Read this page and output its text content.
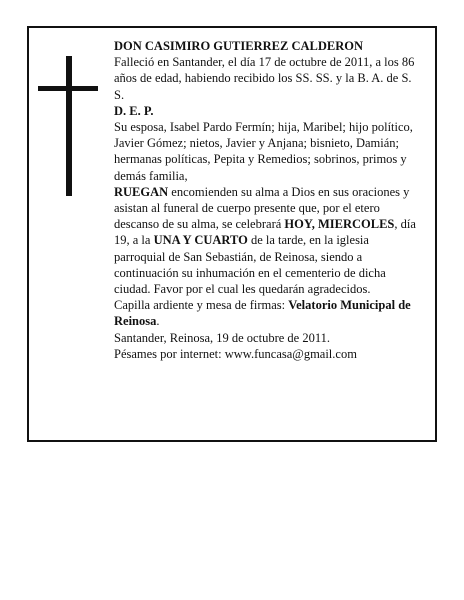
DON CASIMIRO GUTIERREZ CALDERON

Falleció en Santander, el día 17 de octubre de 2011, a los 86 años de edad, habiendo recibido los SS. SS. y la B. A. de S. S.

D. E. P.

Su esposa, Isabel Pardo Fermín; hija, Maribel; hijo político, Javier Gómez; nietos, Javier y Anjana; bisnieto, Damián; hermanas políticas, Pepita y Remedios; sobrinos, primos y demás familia,

RUEGAN encomienden su alma a Dios en sus oraciones y asistan al funeral de cuerpo presente que, por el etero descanso de su alma, se celebrará HOY, MIERCOLES, día 19, a la UNA Y CUARTO de la tarde, en la iglesia parroquial de San Sebastián, de Reinosa, siendo a continuación su inhumación en el cementerio de dicha ciudad. Favor por el cual les quedarán agradecidos.

Capilla ardiente y mesa de firmas: Velatorio Municipal de Reinosa.

Santander, Reinosa, 19 de octubre de 2011.

Pésames por internet: www.funcasa@gmail.com
